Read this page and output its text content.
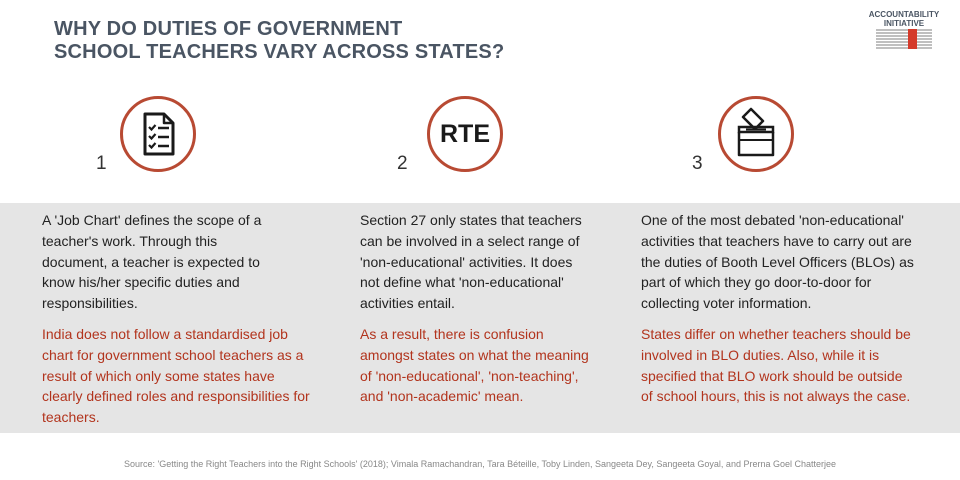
WHY DO DUTIES OF GOVERNMENT
SCHOOL TEACHERS VARY ACROSS STATES?
ACCOUNTABILITY
INITIATIVE
1
A 'Job Chart' defines the scope of a teacher's work. Through this document, a teacher is expected to know his/her specific duties and responsibilities.
India does not follow a standardised job chart for government school teachers as a result of which only some states have clearly defined roles and responsibilities for teachers.
2
RTE
Section 27 only states that teachers can be involved in a select range of 'non-educational' activities. It does not define what 'non-educational' activities entail.
As a result, there is confusion amongst states on what the meaning of 'non-educational', 'non-teaching', and 'non-academic' mean.
3
One of the most debated 'non-educational' activities that teachers have to carry out are the duties of Booth Level Officers (BLOs) as part of which they go door-to-door for collecting voter information.
States differ on whether teachers should be involved in BLO duties. Also, while it is specified that BLO work should be outside of school hours, this is not always the case.
Source: 'Getting the Right Teachers into the Right Schools' (2018); Vimala Ramachandran, Tara Béteille, Toby Linden, Sangeeta Dey, Sangeeta Goyal, and Prerna Goel Chatterjee
